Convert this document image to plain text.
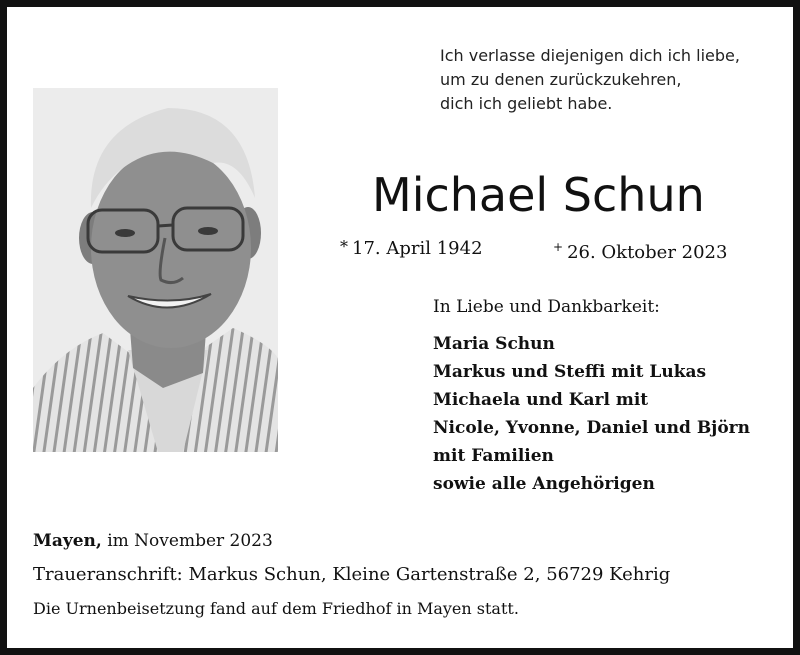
Ich verlasse diejenigen dich ich liebe,
um zu denen zurückzukehren,
dich ich geliebt habe.
Michael Schun
* 17. April 1942	+ 26. Oktober 2023
In Liebe und Dankbarkeit:
Maria Schun
Markus und Steffi mit Lukas
Michaela und Karl mit
Nicole, Yvonne, Daniel und Björn
mit Familien
sowie alle Angehörigen
Mayen, im November 2023
Traueranschrift: Markus Schun, Kleine Gartenstraße 2, 56729 Kehrig
Die Urnenbeisetzung fand auf dem Friedhof in Mayen statt.
